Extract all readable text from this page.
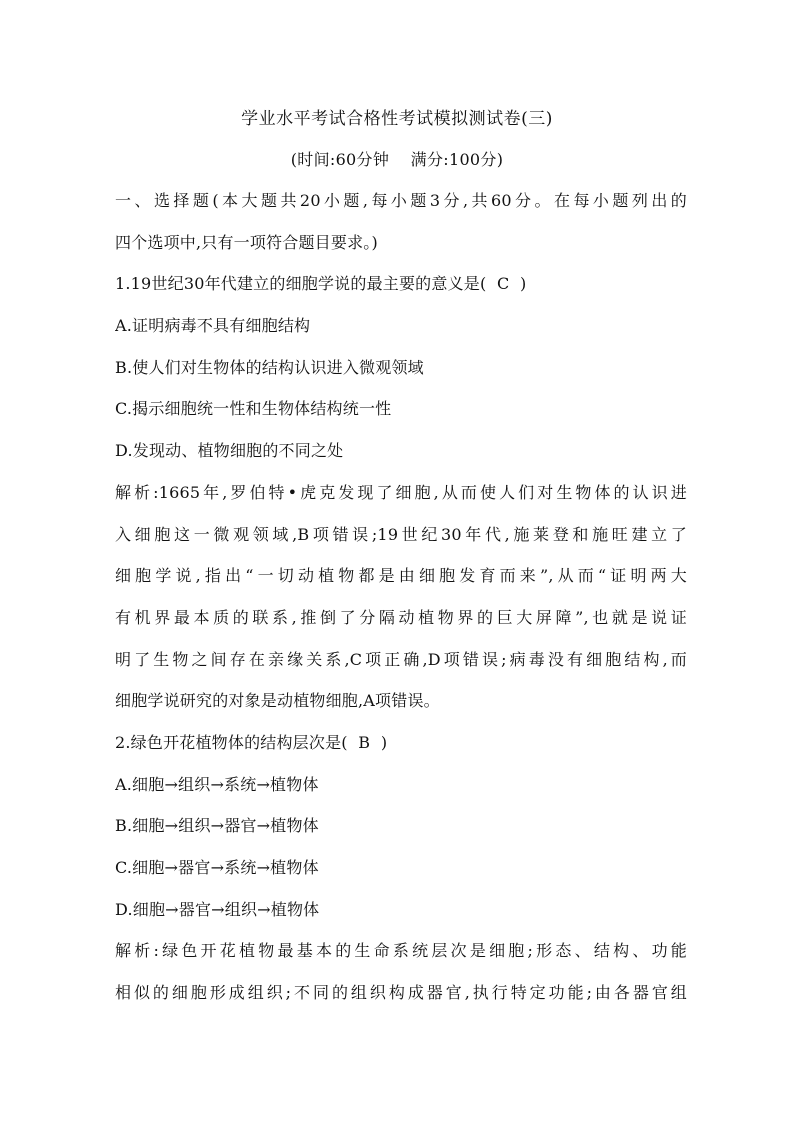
学业水平考试合格性考试模拟测试卷(三)
(时间:60分钟    满分:100分)
一、选择题(本大题共20小题,每小题3分,共60分。在每小题列出的
四个选项中,只有一项符合题目要求。)
1.19世纪30年代建立的细胞学说的最主要的意义是(  C  )
A.证明病毒不具有细胞结构
B.使人们对生物体的结构认识进入微观领域
C.揭示细胞统一性和生物体结构统一性
D.发现动、植物细胞的不同之处
解析:1665年,罗伯特•虎克发现了细胞,从而使人们对生物体的认识进
入细胞这一微观领域,B项错误;19世纪30年代,施莱登和施旺建立了
细胞学说,指出“一切动植物都是由细胞发育而来”,从而“证明两大
有机界最本质的联系,推倒了分隔动植物界的巨大屏障”,也就是说证
明了生物之间存在亲缘关系,C项正确,D项错误;病毒没有细胞结构,而
细胞学说研究的对象是动植物细胞,A项错误。
2.绿色开花植物体的结构层次是(  B  )
A.细胞→组织→系统→植物体
B.细胞→组织→器官→植物体
C.细胞→器官→系统→植物体
D.细胞→器官→组织→植物体
解析:绿色开花植物最基本的生命系统层次是细胞;形态、结构、功能
相似的细胞形成组织;不同的组织构成器官,执行特定功能;由各器官组
